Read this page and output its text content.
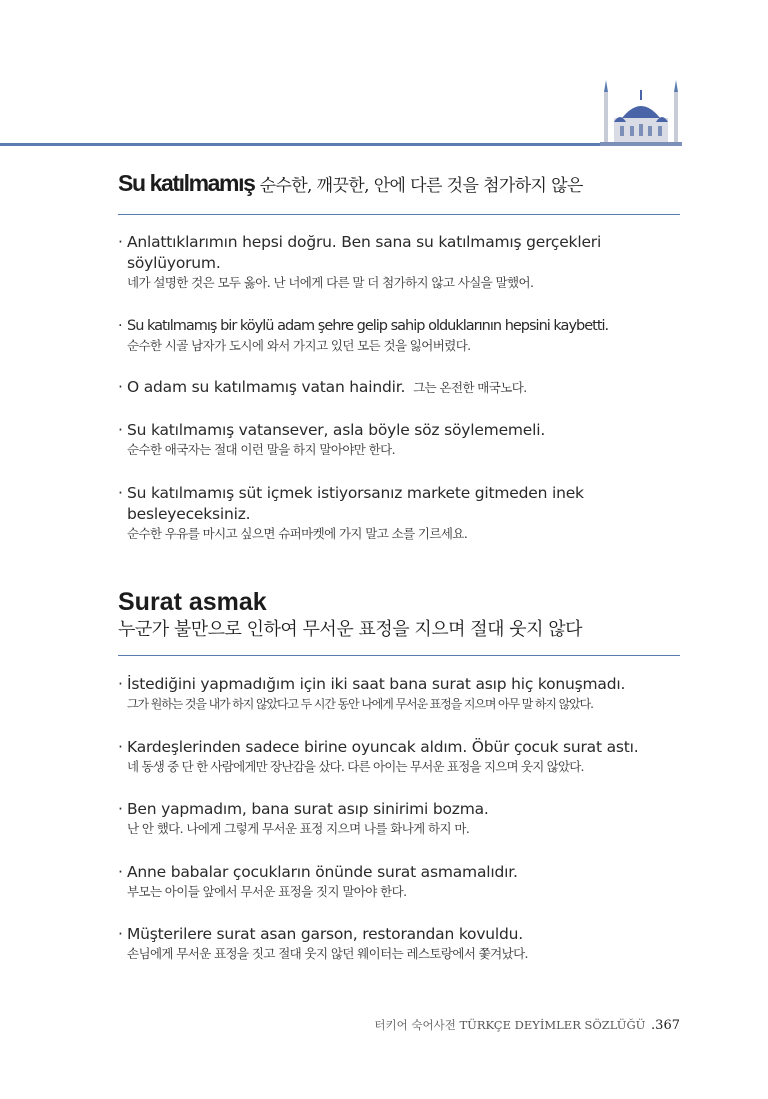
Su katılmamış 순수한, 깨끗한, 안에 다른 것을 첨가하지 않은
· Anlattıklarımın hepsi doğru. Ben sana su katılmamış gerçekleri söylüyorum.
네가 설명한 것은 모두 옳아. 난 너에게 다른 말 더 첨가하지 않고 사실을 말했어.
· Su katılmamış bir köylü adam şehre gelip sahip olduklarının hepsini kaybetti.
순수한 시골 남자가 도시에 와서 가지고 있던 모든 것을 잃어버렸다.
· O adam su katılmamış vatan haindir. 그는 온전한 매국노다.
· Su katılmamış vatansever, asla böyle söz söylememeli.
순수한 애국자는 절대 이런 말을 하지 말아야만 한다.
· Su katılmamış süt içmek istiyorsanız markete gitmeden inek besleyeceksiniz.
순수한 우유를 마시고 싶으면 슈퍼마켓에 가지 말고 소를 기르세요.
Surat asmak
누군가 불만으로 인하여 무서운 표정을 지으며 절대 웃지 않다
· İstediğini yapmadığım için iki saat bana surat asıp hiç konuşmadı.
그가 원하는 것을 내가 하지 않았다고 두 시간 동안 나에게 무서운 표정을 지으며 아무 말 하지 않았다.
· Kardeşlerinden sadece birine oyuncak aldım. Öbür çocuk surat astı.
네 동생 중 단 한 사람에게만 장난감을 샀다. 다른 아이는 무서운 표정을 지으며 웃지 않았다.
· Ben yapmadım, bana surat asıp sinirimi bozma.
난 안 했다. 나에게 그렇게 무서운 표정 지으며 나를 화나게 하지 마.
· Anne babalar çocukların önünde surat asmamalıdır.
부모는 아이들 앞에서 무서운 표정을 짓지 말아야 한다.
· Müşterilere surat asan garson, restorandan kovuldu.
손님에게 무서운 표정을 짓고 절대 웃지 않던 웨이터는 레스토랑에서 쫓겨났다.
터키어 숙어사전 TÜRKÇE DEYİMLER SÖZLÜĞÜ .367
